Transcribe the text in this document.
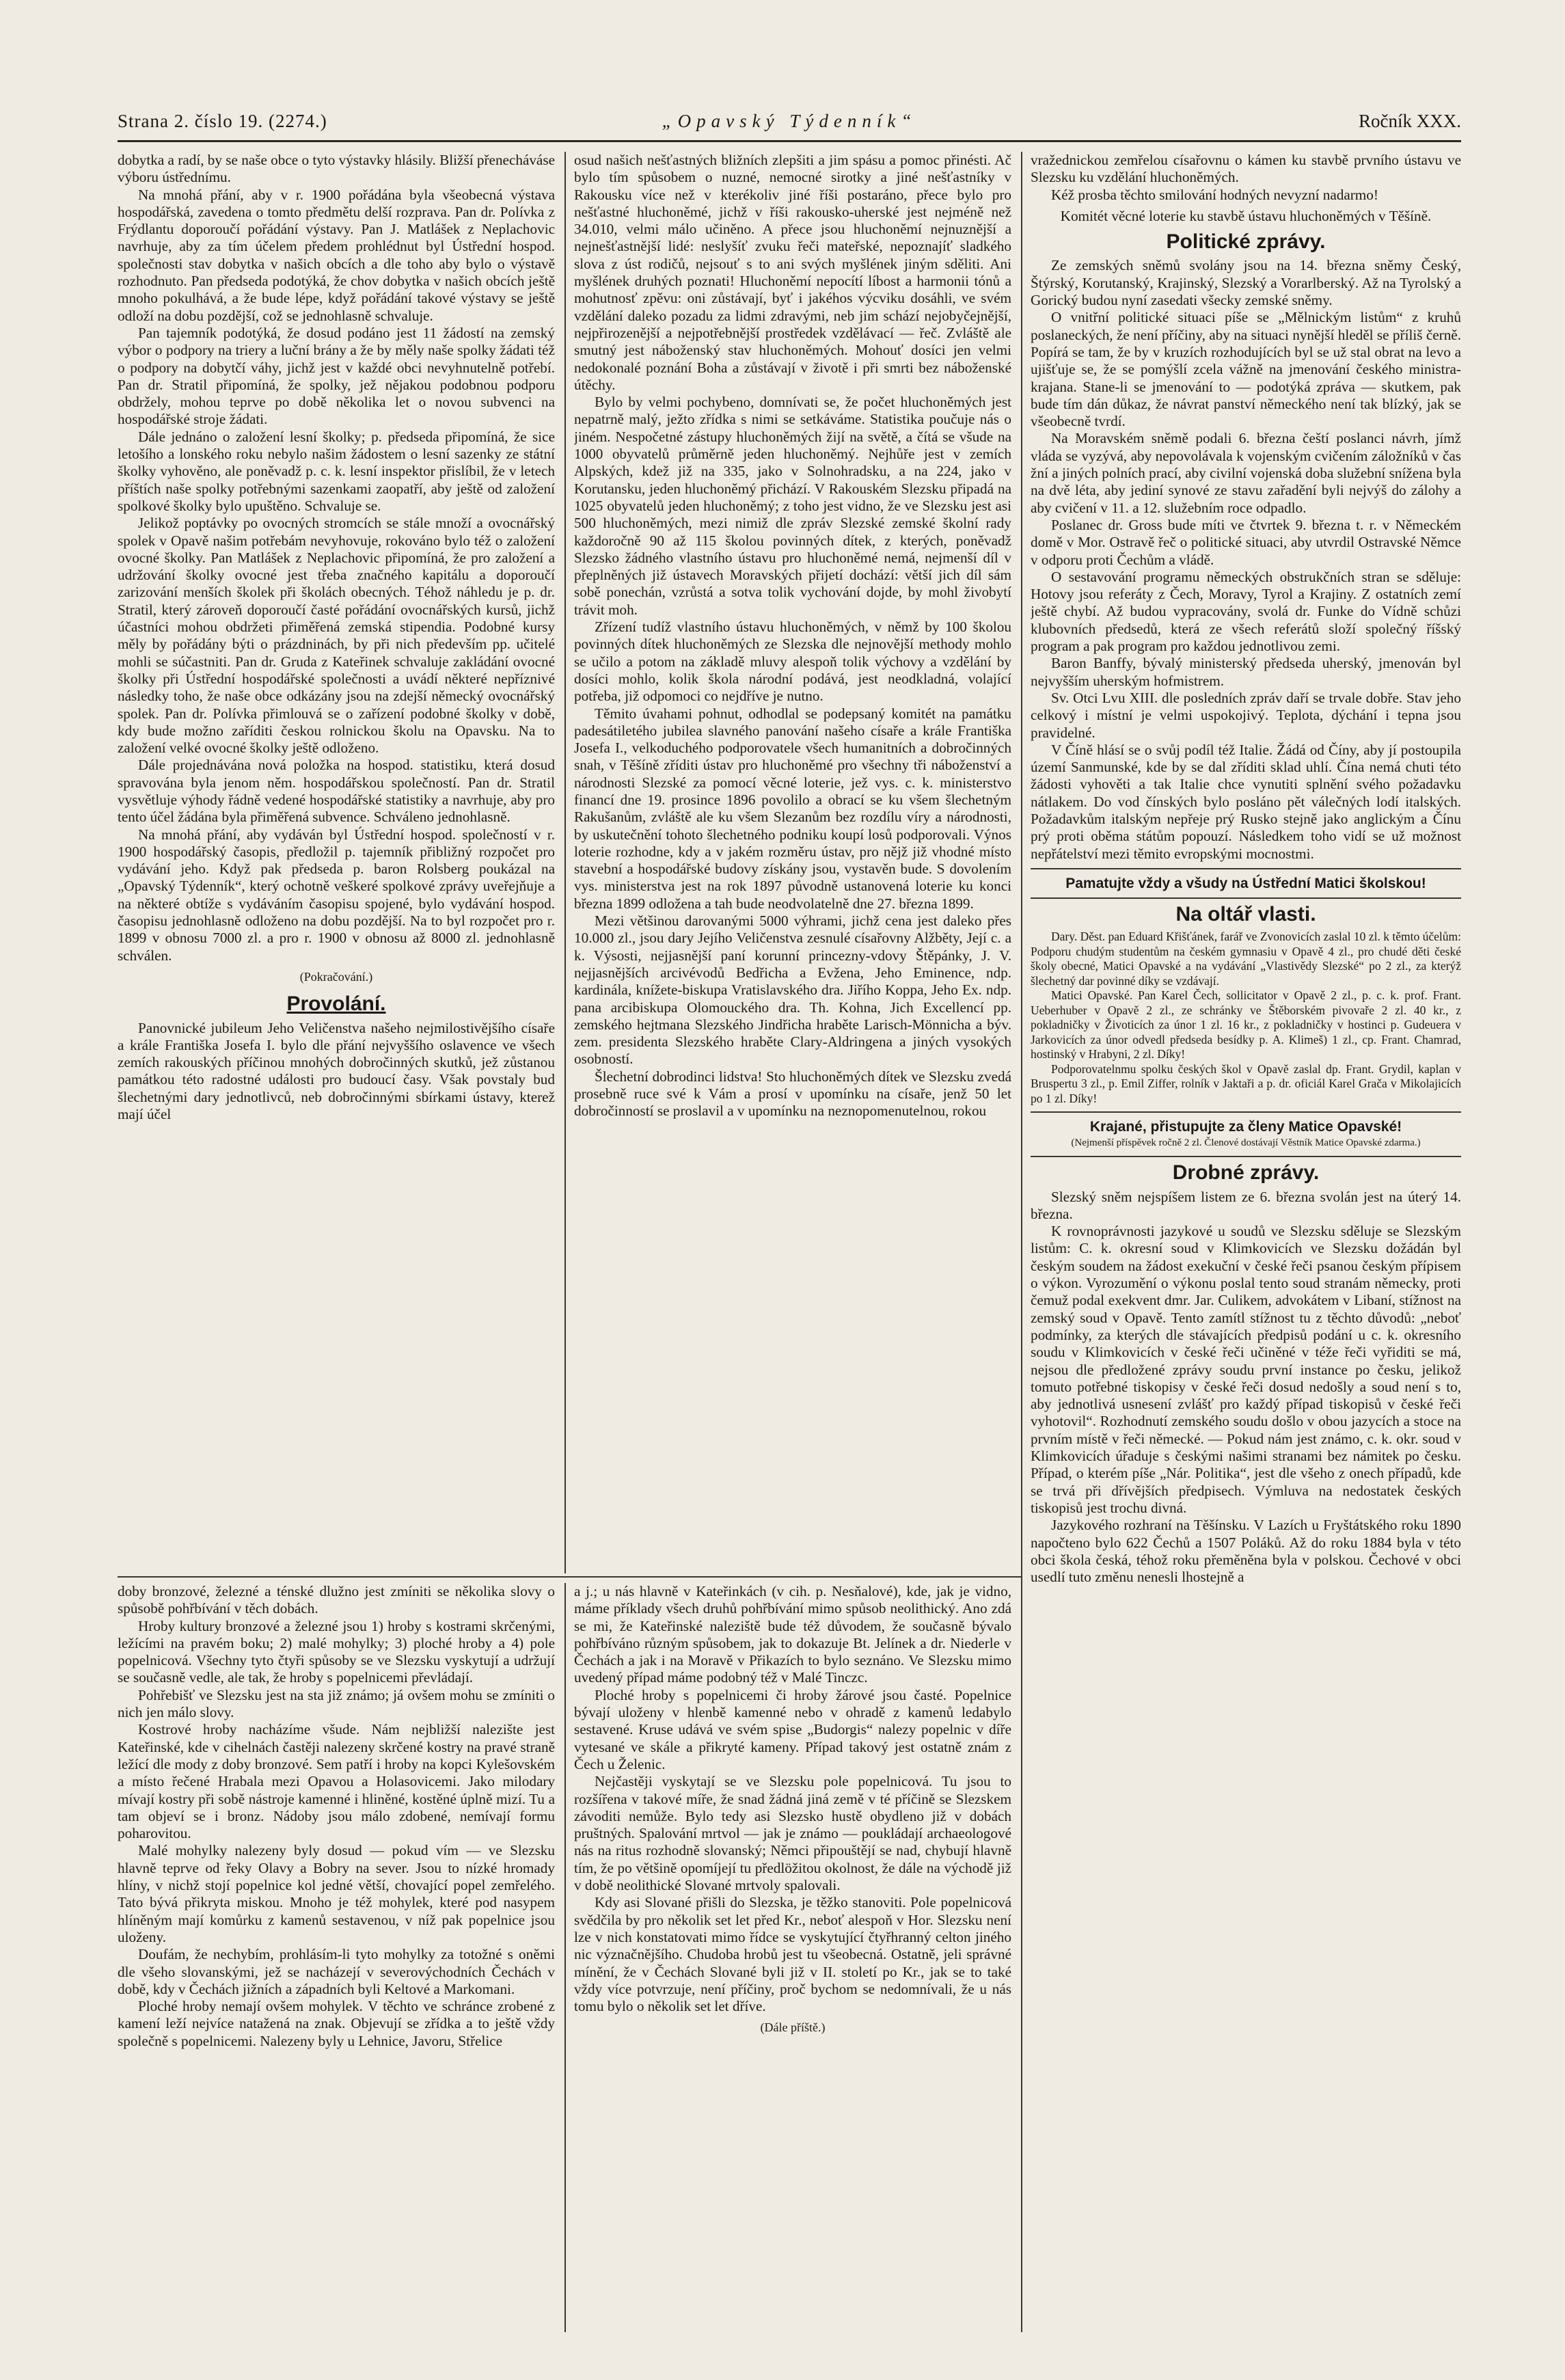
Strana 2. číslo 19. (2274.)	„Opavský Týdenník“	Ročník XXX.

dobytka a radí, by se naše obce o tyto výstavky hlásily. Bližší přenecháváse výboru ústřednímu.

Na mnohá přání, aby v r. 1900 pořádána byla všeobecná výstava hospodářská, zavedena o tomto předmětu delší rozprava. Pan dr. Polívka z Frýdlantu doporoučí pořádání výstavy. Pan J. Matlášek z Neplachovic navrhuje, aby za tím účelem předem prohlédnut byl Ústřední hospod. společnosti stav dobytka v našich obcích a dle toho aby bylo o výstavě rozhodnuto. Pan předseda podotýká, že chov dobytka v našich obcích ještě mnoho pokulhává, a že bude lépe, když pořádání takové výstavy se ještě odloží na dobu pozdější, což se jednohlasně schvaluje.

Pan tajemník podotýká, že dosud podáno jest 11 žádostí na zemský výbor o podpory na triery a luční brány a že by měly naše spolky žádati též o podpory na dobytčí váhy, jichž jest v každé obci nevyhnutelně potřebí. Pan dr. Stratil připomíná, že spolky, jež nějakou podobnou podporu obdržely, mohou teprve po době několika let o novou subvenci na hospodářské stroje žádati.

Dále jednáno o založení lesní školky; p. předseda připomíná, že sice letošího a lonského roku nebylo našim žádostem o lesní sazenky ze státní školky vyhověno, ale poněvadž p. c. k. lesní inspektor přislíbil, že v letech příštích naše spolky potřebnými sazenkami zaopatří, aby ještě od založení spolkové školky bylo upuštěno. Schvaluje se.

Jelikož poptávky po ovocných stromcích se stále množí a ovocnářský spolek v Opavě našim potřebám nevyhovuje, rokováno bylo též o založení ovocné školky. Pan Matlášek z Neplachovic připomíná, že pro založení a udržování školky ovocné jest třeba značného kapitálu a doporoučí zarizování menších školek při školách obecných. Téhož náhledu je p. dr. Stratil, který zároveň doporoučí časté pořádání ovocnářských kursů, jichž účastníci mohou obdržeti přiměřená zemská stipendia. Podobné kursy měly by pořádány býti o prázdninách, by při nich především pp. učitelé mohli se súčastniti. Pan dr. Gruda z Kateřinek schvaluje zakládání ovocné školky při Ústřední hospodářské společnosti a uvádí některé nepříznivé následky toho, že naše obce odkázány jsou na zdejší německý ovocnářský spolek. Pan dr. Polívka přimlouvá se o zařízení podobné školky v době, kdy bude možno zaříditi českou rolnickou školu na Opavsku. Na to založení velké ovocné školky ještě odloženo.

Dále projednávána nová položka na hospod. statistiku, která dosud spravována byla jenom něm. hospodářskou společností. Pan dr. Stratil vysvětluje výhody řádně vedené hospodářské statistiky a navrhuje, aby pro tento účel žádána byla přiměřená subvence. Schváleno jednohlasně.

Na mnohá přání, aby vydáván byl Ústřední hospod. společností v r. 1900 hospodářský časopis, předložil p. tajemník přibližný rozpočet pro vydávání jeho. Když pak předseda p. baron Rolsberg poukázal na „Opavský Týdenník“, který ochotně veškeré spolkové zprávy uveřejňuje a na některé obtíže s vydáváním časopisu spojené, bylo vydávání hospod. časopisu jednohlasně odloženo na dobu pozdější. Na to byl rozpočet pro r. 1899 v obnosu 7000 zl. a pro r. 1900 v obnosu až 8000 zl. jednohlasně schválen.

(Pokračování.)
Provolání.

Panovnické jubileum Jeho Veličenstva našeho nejmilostivějšího císaře a krále Františka Josefa I. bylo dle přání nejvyššího oslavence ve všech zemích rakouských příčinou mnohých dobročinných skutků, jež zůstanou památkou této radostné události pro budoucí časy. Však povstaly bud šlechetnými dary jednotlivců, neb dobročinnými sbírkami ústavy, kterež mají účel

osud našich nešťastných bližních zlepšiti a jim spásu a pomoc přinésti. Ač bylo tím spůsobem o nuzné, nemocné sirotky a jiné nešťastníky v Rakousku více než v kterékoliv jiné říši postaráno, přece bylo pro nešťastné hluchoněmé, jichž v říši rakousko-uherské jest nejméně než 34.010, velmi málo učiněno. A přece jsou hluchoněmí nejnuznější a nejnešťastnější lidé: neslyšíť zvuku řeči mateřské, nepoznajíť sladkého slova z úst rodičů, nejsouť s to ani svých myšlének jiným sděliti. Ani myšlének druhých poznati! Hluchoněmí nepocítí líbost a harmonii tónů a mohutnosť zpěvu: oni zůstávají, byť i jakéhos výcviku dosáhli, ve svém vzdělání daleko pozadu za lidmi zdravými, neb jim schází nejobyčejnější, nejpřirozenější a nejpotřebnější prostředek vzdělávací — řeč. Zvláště ale smutný jest náboženský stav hluchoněmých. Mohouť dosíci jen velmi nedokonalé poznání Boha a zůstávají v životě i při smrti bez náboženské útěchy.

Bylo by velmi pochybeno, domnívati se, že počet hluchoněmých jest nepatrně malý, ježto zřídka s nimi se setkáváme. Statistika poučuje nás o jiném. Nespočetné zástupy hluchoněmých žijí na světě, a čítá se všude na 1000 obyvatelů průměrně jeden hluchoněmý. Nejhůře jest v zemích Alpských, kdež již na 335, jako v Solnohradsku, a na 224, jako v Korutansku, jeden hluchoněmý přichází. V Rakouském Slezsku připadá na 1025 obyvatelů jeden hluchoněmý; z toho jest vidno, že ve Slezsku jest asi 500 hluchoněmých, mezi nimiž dle zpráv Slezské zemské školní rady každoročně 90 až 115 školou povinných dítek, z kterých, poněvadž Slezsko žádného vlastního ústavu pro hluchoněmé nemá, nejmenší díl v přeplněných již ústavech Moravských přijetí dochází: větší jich díl sám sobě ponechán, vzrůstá a sotva tolik vychování dojde, by mohl živobytí trávit moh.

Zřízení tudíž vlastního ústavu hluchoněmých, v němž by 100 školou povinných dítek hluchoněmých ze Slezska dle nejnovější methody mohlo se učilo a potom na základě mluvy alespoň tolik výchovy a vzdělání by dosíci mohlo, kolik škola národní podává, jest neodkladná, volající potřeba, již odpomoci co nejdříve je nutno.

Těmito úvahami pohnut, odhodlal se podepsaný komitét na památku padesátiletého jubilea slavného panování našeho císaře a krále Františka Josefa I., velkoduchého podporovatele všech humanitních a dobročinných snah, v Těšíně zříditi ústav pro hluchoněmé pro všechny tři náboženství a národnosti Slezské za pomocí věcné loterie, jež vys. c. k. ministerstvo financí dne 19. prosince 1896 povolilo a obrací se ku všem šlechetným Rakušanům, zvláště ale ku všem Slezanům bez rozdílu víry a národnosti, by uskutečnění tohoto šlechetného podniku koupí losů podporovali. Výnos loterie rozhodne, kdy a v jakém rozměru ústav, pro nějž již vhodné místo stavební a hospodářské budovy získány jsou, vystavěn bude. S dovolením vys. ministerstva jest na rok 1897 původně ustanovená loterie ku konci března 1899 odložena a tah bude neodvolatelně dne 27. března 1899.

Mezi většinou darovanými 5000 výhrami, jichž cena jest daleko přes 10.000 zl., jsou dary Jejího Veličenstva zesnulé císařovny Alžběty, Její c. a k. Výsosti, nejjasnější paní korunní princezny-vdovy Štěpánky, J. V. nejjasnějších arcivévodů Bedřicha a Evžena, Jeho Eminence, ndp. kardinála, knížete-biskupa Vratislavského dra. Jiřího Koppa, Jeho Ex. ndp. pana arcibiskupa Olomouckého dra. Th. Kohna, Jich Excellencí pp. zemského hejtmana Slezského Jindřicha hraběte Larisch-Mönnicha a býv. zem. presidenta Slezského hraběte Clary-Aldringena a jiných vysokých osobností.

Šlechetní dobrodinci lidstva! Sto hluchoněmých dítek ve Slezsku zvedá prosebně ruce své k Vám a prosí v upomínku na císaře, jenž 50 let dobročinností se proslavil a v upomínku na neznopomenutelnou, rokou

vražednickou zemřelou císařovnu o kámen ku stavbě prvního ústavu ve Slezsku ku vzdělání hluchoněmých.

Kéž prosba těchto smilování hodných nevyzní nadarmo!

Komitét věcné loterie ku stavbě ústavu hluchoněmých v Těšíně.

Politické zprávy.

Ze zemských sněmů svolány jsou na 14. března sněmy Český, Štýrský, Korutanský, Krajinský, Slezský a Vorarlberský. Až na Tyrolský a Gorický budou nyní zasedati všecky zemské sněmy.

O vnitřní politické situaci píše se „Mělnickým listům“ z kruhů poslaneckých, že není příčiny, aby na situaci nynější hleděl se příliš černě. Popírá se tam, že by v kruzích rozhodujících byl se už stal obrat na levo a ujišťuje se, že se pomýšlí zcela vážně na jmenování českého ministra-krajana. Stane-li se jmenování to — podotýká zpráva — skutkem, pak bude tím dán důkaz, že návrat panství německého není tak blízký, jak se všeobecně tvrdí.

Na Moravském sněmě podali 6. března čeští poslanci návrh, jímž vláda se vyzývá, aby nepovolávala k vojenským cvičením záložníků v čas žní a jiných polních prací, aby civilní vojenská doba služební snížena byla na dvě léta, aby jediní synové ze stavu zařadění byli nejvýš do zálohy a aby cvičení v 11. a 12. služebním roce odpadlo.

Poslanec dr. Gross bude míti ve čtvrtek 9. března t. r. v Německém domě v Mor. Ostravě řeč o politické situaci, aby utvrdil Ostravské Němce v odporu proti Čechům a vládě.

O sestavování programu německých obstrukčních stran se sděluje: Hotovy jsou referáty z Čech, Moravy, Tyrol a Krajiny. Z ostatních zemí ještě chybí. Až budou vypracovány, svolá dr. Funke do Vídně schůzi klubovních předsedů, která ze všech referátů složí společný říšský program a pak program pro každou jednotlivou zemi.

Baron Banffy, bývalý ministerský předseda uherský, jmenován byl nejvyšším uherským hofmistrem.

Sv. Otci Lvu XIII. dle posledních zpráv daří se trvale dobře. Stav jeho celkový i místní je velmi uspokojivý. Teplota, dýchání i tepna jsou pravidelné.

V Číně hlásí se o svůj podíl též Italie. Žádá od Číny, aby jí postoupila území Sanmunské, kde by se dal zříditi sklad uhlí. Čína nemá chuti této žádosti vyhověti a tak Italie chce vynutiti splnění svého požadavku nátlakem. Do vod čínských bylo posláno pět válečných lodí italských. Požadavkům italským nepřeje prý Rusko stejně jako anglickým a Čínu prý proti oběma státům popouzí. Následkem toho vidí se už možnost nepřátelství mezi těmito evropskými mocnostmi.

Pamatujte vždy a všudy na Ústřední Matici školskou!
Na oltář vlasti.

Dary. Děst. pan Eduard Křišťánek, farář ve Zvonovicích zaslal 10 zl. k těmto účelům: Podporu chudým studentům na českém gymnasiu v Opavě 4 zl., pro chudé děti české školy obecné, Matici Opavské a na vydávání „Vlastivědy Slezské“ po 2 zl., za kterýž šlechetný dar povinné díky se vzdávají.

Matici Opavské. Pan Karel Čech, sollicitator v Opavě 2 zl., p. c. k. prof. Frant. Ueberhuber v Opavě 2 zl., ze schránky ve Štěborském pivovaře 2 zl. 40 kr., z pokladničky v Životicích za únor 1 zl. 16 kr., z pokladničky v hostinci p. Gudeuera v Jarkovicích za únor odvedl předseda besídky p. A. Klimeš) 1 zl., cp. Frant. Chamrad, hostinský v Hrabyni, 2 zl. Díky!

Podporovatelnmu spolku českých škol v Opavě zaslal dp. Frant. Grydil, kaplan v Bruspertu 3 zl., p. Emil Ziffer, rolník v Jaktaři a p. dr. oficiál Karel Grača v Mikolajicích po 1 zl. Díky!

Krajané, přistupujte za členy Matice Opavské!
(Nejmenší příspěvek ročně 2 zl. Členové dostávají Věstník Matice Opavské zdarma.)
Drobné zprávy.

Slezský sněm nejspíšem listem ze 6. března svolán jest na úterý 14. března.

K rovnoprávnosti jazykové u soudů ve Slezsku sděluje se Slezským listům: C. k. okresní soud v Klimkovicích ve Slezsku dožádán byl českým soudem na žádost exekuční v české řeči psanou českým přípisem o výkon. Vyrozumění o výkonu poslal tento soud stranám německy, proti čemuž podal exekvent dmr. Jar. Culikem, advokátem v Libaní, stížnost na zemský soud v Opavě. Tento zamítl stížnost tu z těchto důvodů: „neboť podmínky, za kterých dle stávajících předpisů podání u c. k. okresního soudu v Klimkovicích v české řeči učiněné v téže řeči vyřiditi se má, nejsou dle předložené zprávy soudu první instance po česku, jelikož tomuto potřebné tiskopisy v české řeči dosud nedošly a soud není s to, aby jednotlivá usnesení zvlášť pro každý případ tiskopisů v české řeči vyhotovil“. Rozhodnutí zemského soudu došlo v obou jazycích a stoce na prvním místě v řeči německé. — Pokud nám jest známo, c. k. okr. soud v Klimkovicích úřaduje s českými našimi stranami bez námitek po česku. Případ, o kterém píše „Nár. Politika“, jest dle všeho z onech případů, kde se trvá při dřívějších předpisech. Výmluva na nedostatek českých tiskopisů jest trochu divná.

Jazykového rozhraní na Těšínsku. V Lazích u Fryštátského roku 1890 napočteno bylo 622 Čechů a 1507 Poláků. Až do roku 1884 byla v této obci škola česká, téhož roku přeměněna byla v polskou. Čechové v obci usedlí tuto změnu nenesli lhostejně a

doby bronzové, železné a ténské dlužno jest zmíniti se několika slovy o spůsobě pohřbívání v těch dobách.

Hroby kultury bronzové a železné jsou 1) hroby s kostrami skrčenými, ležícími na pravém boku; 2) malé mohylky; 3) ploché hroby a 4) pole popelnicová. Všechny tyto čtyři spůsoby se ve Slezsku vyskytují a udržují se současně vedle, ale tak, že hroby s popelnicemi převládají.

Pohřebišť ve Slezsku jest na sta již známo; já ovšem mohu se zmíniti o nich jen málo slovy.

Kostrové hroby nacházíme všude. Nám nejbližší nalezište jest Kateřinské, kde v cihelnách častěji nalezeny skrčené kostry na pravé straně ležící dle mody z doby bronzové. Sem patří i hroby na kopci Kylešovském a místo řečené Hrabala mezi Opavou a Holasovicemi. Jako milodary mívají kostry při sobě nástroje kamenné i hliněné, kostěné úplně mizí. Tu a tam objeví se i bronz. Nádoby jsou málo zdobené, nemívají formu poharovitou.

Malé mohylky nalezeny byly dosud — pokud vím — ve Slezsku hlavně teprve od řeky Olavy a Bobry na sever. Jsou to nízké hromady hlíny, v nichž stojí popelnice kol jedné větší, chovající popel zemřelého. Tato bývá přikryta miskou. Mnoho je též mohylek, které pod nasypem hlíněným mají komůrku z kamenů sestavenou, v níž pak popelnice jsou uloženy.

Doufám, že nechybím, prohlásím-li tyto mohylky za totožné s oněmi dle všeho slovanskými, jež se nacházejí v severovýchodních Čechách v době, kdy v Čechách jižních a západních byli Keltové a Markomani.

Ploché hroby nemají ovšem mohylek. V těchto ve schránce zrobené z kamení leží nejvíce natažená na znak. Objevují se zřídka a to ještě vždy společně s popelnicemi. Nalezeny byly u Lehnice, Javoru, Střelice

a j.; u nás hlavně v Kateřinkách (v cih. p. Nesňalové), kde, jak je vidno, máme příklady všech druhů pohřbívání mimo spůsob neolithický. Ano zdá se mi, že Kateřinské naleziště bude též důvodem, že současně bývalo pohřbíváno různým spůsobem, jak to dokazuje Bt. Jelínek a dr. Niederle v Čechách a jak i na Moravě v Přikazích to bylo seznáno. Ve Slezsku mimo uvedený případ máme podobný též v Malé Tinczc.

Ploché hroby s popelnicemi či hroby žárové jsou časté. Popelnice bývají uloženy v hlenbě kamenné nebo v ohradě z kamenů ledabylo sestavené. Kruse udává ve svém spise „Budorgis“ nalezy popelnic v díře vytesané ve skále a přikryté kameny. Případ takový jest ostatně znám z Čech u Želenic.

Nejčastěji vyskytají se ve Slezsku pole popelnicová. Tu jsou to rozšířena v takové míře, že snad žádná jiná země v té příčině se Slezskem závoditi nemůže. Bylo tedy asi Slezsko hustě obydleno již v dobách pruštných. Spalování mrtvol — jak je známo — poukládají archaeologové nás na ritus rozhodně slovanský; Němci připouštějí se nad, chybují hlavně tím, že po většině opomíjejí tu předlöžitou okolnost, že dále na východě již v době neolithické Slované mrtvoly spalovali.

Kdy asi Slované přišli do Slezska, je těžko stanoviti. Pole popelnicová svědčila by pro několik set let před Kr., neboť alespoň v Hor. Slezsku není lze v nich konstatovati mimo řídce se vyskytující čtyřhranný celton jiného nic význačnějšího. Chudoba hrobů jest tu všeobecná. Ostatně, jeli správné mínění, že v Čechách Slované byli již v II. století po Kr., jak se to také vždy více potvrzuje, není příčiny, proč bychom se nedomnívali, že u nás tomu bylo o několik set let dříve.

(Dále příště.)
